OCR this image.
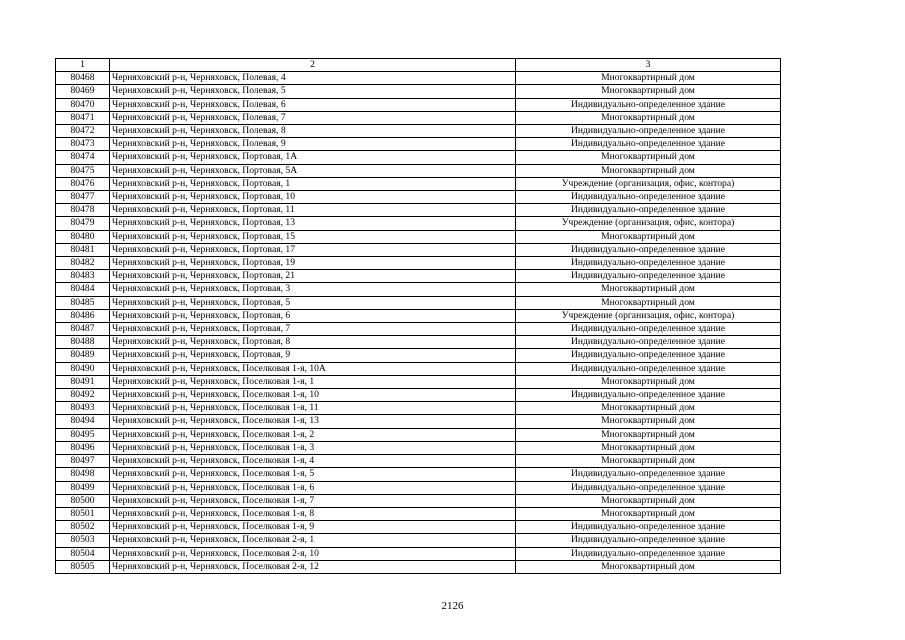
1	2	3
80468	Черняховский р-н, Черняховск, Полевая, 4	Многоквартирный дом
80469	Черняховский р-н, Черняховск, Полевая, 5	Многоквартирный дом
80470	Черняховский р-н, Черняховск, Полевая, 6	Индивидуально-определенное здание
80471	Черняховский р-н, Черняховск, Полевая, 7	Многоквартирный дом
80472	Черняховский р-н, Черняховск, Полевая, 8	Индивидуально-определенное здание
80473	Черняховский р-н, Черняховск, Полевая, 9	Индивидуально-определенное здание
80474	Черняховский р-н, Черняховск, Портовая, 1А	Многоквартирный дом
80475	Черняховский р-н, Черняховск, Портовая, 5А	Многоквартирный дом
80476	Черняховский р-н, Черняховск, Портовая, 1	Учреждение (организация, офис, контора)
80477	Черняховский р-н, Черняховск, Портовая, 10	Индивидуально-определенное здание
80478	Черняховский р-н, Черняховск, Портовая, 11	Индивидуально-определенное здание
80479	Черняховский р-н, Черняховск, Портовая, 13	Учреждение (организация, офис, контора)
80480	Черняховский р-н, Черняховск, Портовая, 15	Многоквартирный дом
80481	Черняховский р-н, Черняховск, Портовая, 17	Индивидуально-определенное здание
80482	Черняховский р-н, Черняховск, Портовая, 19	Индивидуально-определенное здание
80483	Черняховский р-н, Черняховск, Портовая, 21	Индивидуально-определенное здание
80484	Черняховский р-н, Черняховск, Портовая, 3	Многоквартирный дом
80485	Черняховский р-н, Черняховск, Портовая, 5	Многоквартирный дом
80486	Черняховский р-н, Черняховск, Портовая, 6	Учреждение (организация, офис, контора)
80487	Черняховский р-н, Черняховск, Портовая, 7	Индивидуально-определенное здание
80488	Черняховский р-н, Черняховск, Портовая, 8	Индивидуально-определенное здание
80489	Черняховский р-н, Черняховск, Портовая, 9	Индивидуально-определенное здание
80490	Черняховский р-н, Черняховск, Поселковая 1-я, 10А	Индивидуально-определенное здание
80491	Черняховский р-н, Черняховск, Поселковая 1-я, 1	Многоквартирный дом
80492	Черняховский р-н, Черняховск, Поселковая 1-я, 10	Индивидуально-определенное здание
80493	Черняховский р-н, Черняховск, Поселковая 1-я, 11	Многоквартирный дом
80494	Черняховский р-н, Черняховск, Поселковая 1-я, 13	Многоквартирный дом
80495	Черняховский р-н, Черняховск, Поселковая 1-я, 2	Многоквартирный дом
80496	Черняховский р-н, Черняховск, Поселковая 1-я, 3	Многоквартирный дом
80497	Черняховский р-н, Черняховск, Поселковая 1-я, 4	Многоквартирный дом
80498	Черняховский р-н, Черняховск, Поселковая 1-я, 5	Индивидуально-определенное здание
80499	Черняховский р-н, Черняховск, Поселковая 1-я, 6	Индивидуально-определенное здание
80500	Черняховский р-н, Черняховск, Поселковая 1-я, 7	Многоквартирный дом
80501	Черняховский р-н, Черняховск, Поселковая 1-я, 8	Многоквартирный дом
80502	Черняховский р-н, Черняховск, Поселковая 1-я, 9	Индивидуально-определенное здание
80503	Черняховский р-н, Черняховск, Поселковая 2-я, 1	Индивидуально-определенное здание
80504	Черняховский р-н, Черняховск, Поселковая 2-я, 10	Индивидуально-определенное здание
80505	Черняховский р-н, Черняховск, Поселковая 2-я, 12	Многоквартирный дом
2126
